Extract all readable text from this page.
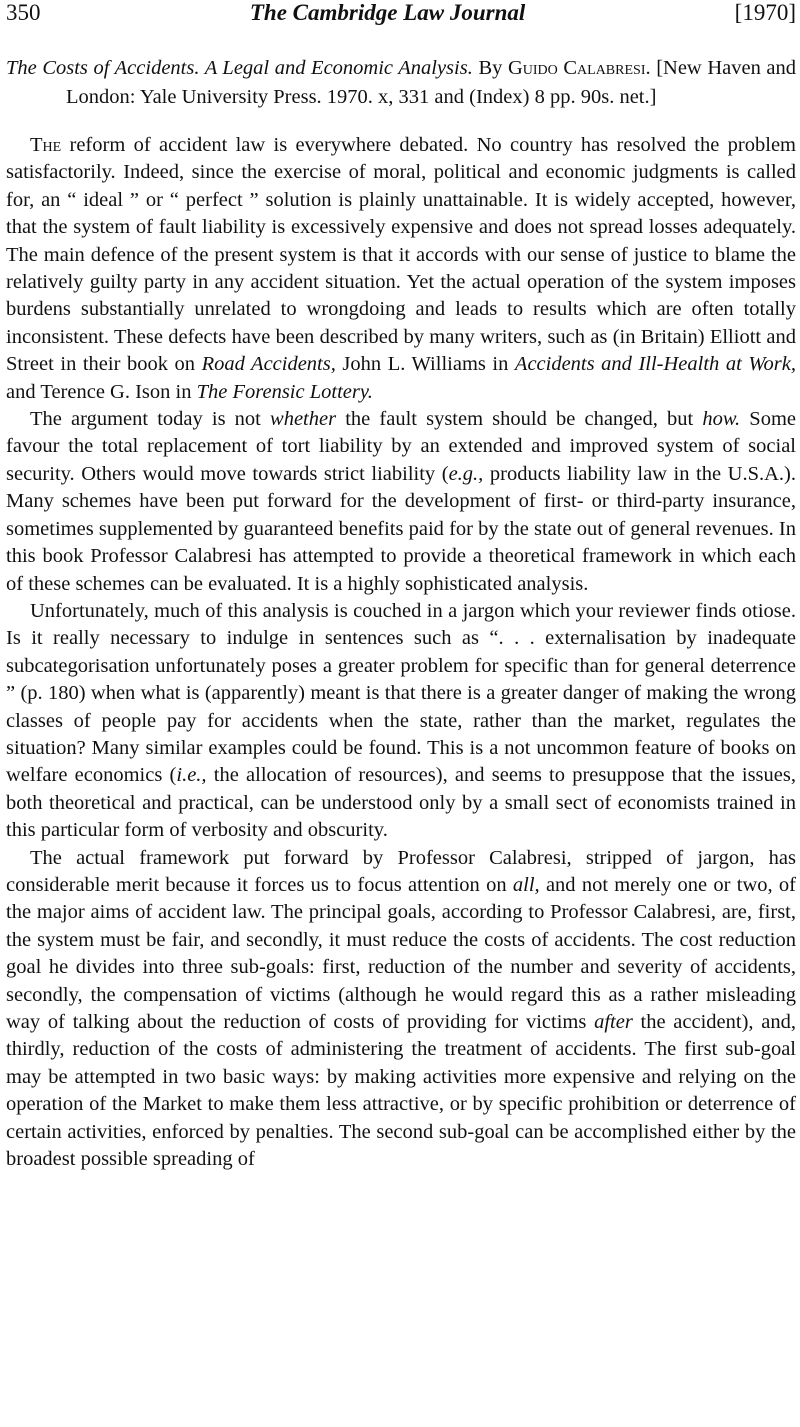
350	The Cambridge Law Journal	[1970]
The Costs of Accidents. A Legal and Economic Analysis. By Guido Calabresi. [New Haven and London: Yale University Press. 1970. x, 331 and (Index) 8 pp. 90s. net.]

The reform of accident law is everywhere debated. No country has resolved the problem satisfactorily. Indeed, since the exercise of moral, political and economic judgments is called for, an “ ideal ” or “ perfect ” solution is plainly unattainable. It is widely accepted, however, that the system of fault liability is excessively expensive and does not spread losses adequately. The main defence of the present system is that it accords with our sense of justice to blame the relatively guilty party in any accident situation. Yet the actual operation of the system imposes burdens substantially unrelated to wrongdoing and leads to results which are often totally inconsistent. These defects have been described by many writers, such as (in Britain) Elliott and Street in their book on Road Accidents, John L. Williams in Accidents and Ill-Health at Work, and Terence G. Ison in The Forensic Lottery.

The argument today is not whether the fault system should be changed, but how. Some favour the total replacement of tort liability by an extended and improved system of social security. Others would move towards strict liability (e.g., products liability law in the U.S.A.). Many schemes have been put forward for the development of first- or third-party insurance, sometimes supplemented by guaranteed benefits paid for by the state out of general revenues. In this book Professor Calabresi has attempted to provide a theoretical framework in which each of these schemes can be evaluated. It is a highly sophisticated analysis.

Unfortunately, much of this analysis is couched in a jargon which your reviewer finds otiose. Is it really necessary to indulge in sentences such as “. . . externalisation by inadequate subcategorisation unfortunately poses a greater problem for specific than for general deterrence ” (p. 180) when what is (apparently) meant is that there is a greater danger of making the wrong classes of people pay for accidents when the state, rather than the market, regulates the situation? Many similar examples could be found. This is a not uncommon feature of books on welfare economics (i.e., the allocation of resources), and seems to presuppose that the issues, both theoretical and practical, can be understood only by a small sect of economists trained in this particular form of verbosity and obscurity.

The actual framework put forward by Professor Calabresi, stripped of jargon, has considerable merit because it forces us to focus attention on all, and not merely one or two, of the major aims of accident law. The principal goals, according to Professor Calabresi, are, first, the system must be fair, and secondly, it must reduce the costs of accidents. The cost reduction goal he divides into three sub-goals: first, reduction of the number and severity of accidents, secondly, the compensation of victims (although he would regard this as a rather misleading way of talking about the reduction of costs of providing for victims after the accident), and, thirdly, reduction of the costs of administering the treatment of accidents. The first sub-goal may be attempted in two basic ways: by making activities more expensive and relying on the operation of the Market to make them less attractive, or by specific prohibition or deterrence of certain activities, enforced by penalties. The second sub-goal can be accomplished either by the broadest possible spreading of
